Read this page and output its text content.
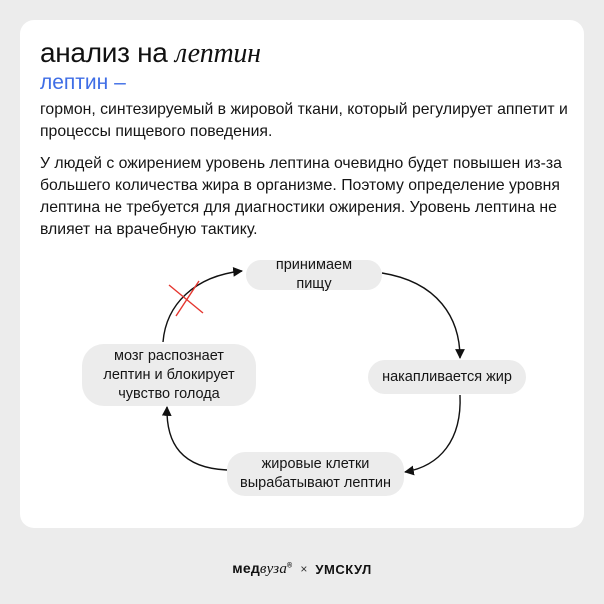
анализ на лептин
лептин –

гормон, синтезируемый в жировой ткани, который регулирует аппетит и процессы пищевого поведения.

У людей с ожирением уровень лептина очевидно будет повышен из-за большего количества жира в организме. Поэтому определение уровня лептина не требуется для диагностики ожирения. Уровень лептина не влияет на врачебную тактику.

принимаем пищу
накапливается жир
жировые клетки вырабатывают лептин
мозг распознает лептин и блокирует чувство голода
медвуза® × УМСКУЛ
